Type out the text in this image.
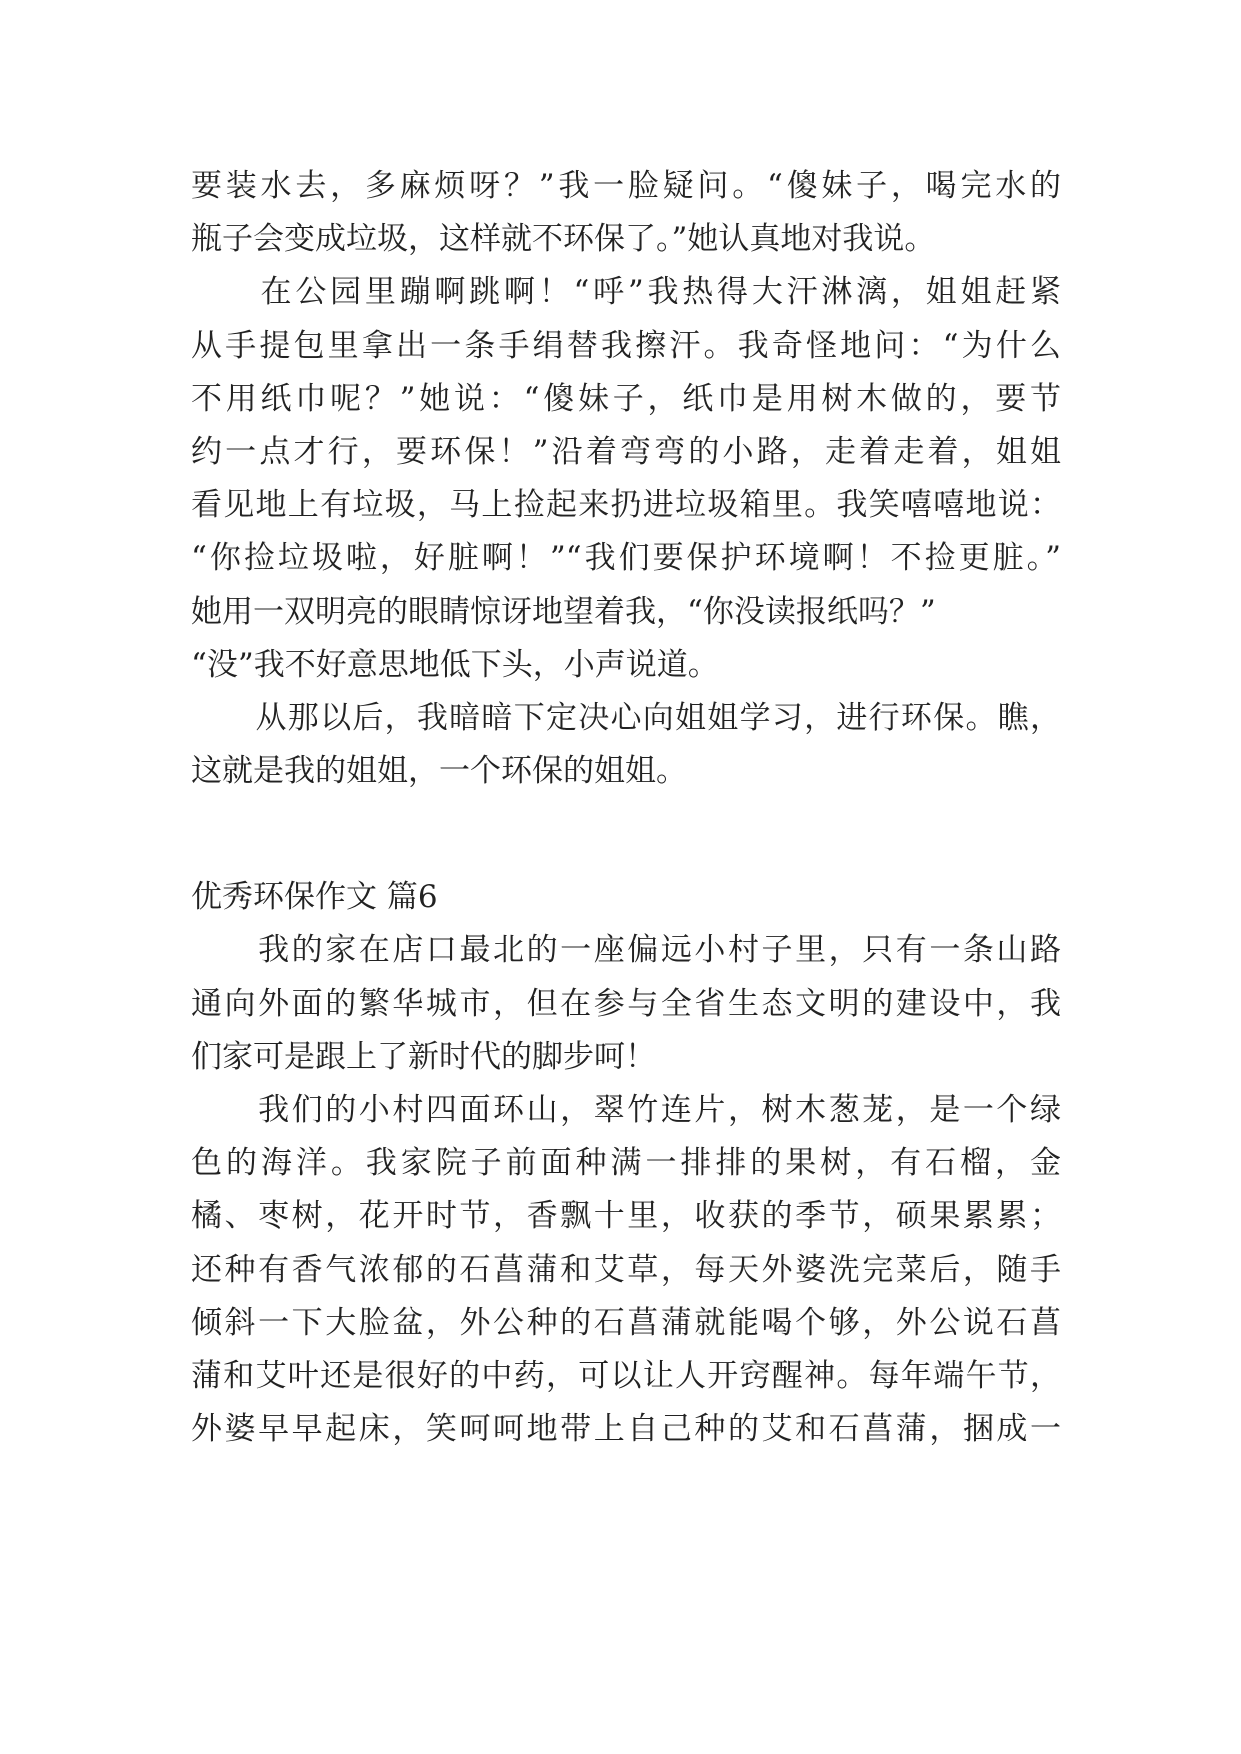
要装水去，多麻烦呀？”我一脸疑问。“傻妹子，喝完水的
瓶子会变成垃圾，这样就不环保了。”她认真地对我说。
　　在公园里蹦啊跳啊！“呼”我热得大汗淋漓，姐姐赶紧
从手提包里拿出一条手绢替我擦汗。我奇怪地问：“为什么
不用纸巾呢？”她说：“傻妹子，纸巾是用树木做的，要节
约一点才行，要环保！”沿着弯弯的小路，走着走着，姐姐
看见地上有垃圾，马上捡起来扔进垃圾箱里。我笑嘻嘻地说：
“你捡垃圾啦，好脏啊！”“我们要保护环境啊！不捡更脏。”
她用一双明亮的眼睛惊讶地望着我，“你没读报纸吗？”
“没”我不好意思地低下头，小声说道。
　　从那以后，我暗暗下定决心向姐姐学习，进行环保。瞧，
这就是我的姐姐，一个环保的姐姐。
优秀环保作文 篇6
　　我的家在店口最北的一座偏远小村子里，只有一条山路
通向外面的繁华城市，但在参与全省生态文明的建设中，我
们家可是跟上了新时代的脚步呵！
　　我们的小村四面环山，翠竹连片，树木葱茏，是一个绿
色的海洋。我家院子前面种满一排排的果树，有石榴，金
橘、枣树，花开时节，香飘十里，收获的季节，硕果累累；
还种有香气浓郁的石菖蒲和艾草，每天外婆洗完菜后，随手
倾斜一下大脸盆，外公种的石菖蒲就能喝个够，外公说石菖
蒲和艾叶还是很好的中药，可以让人开窍醒神。每年端午节，
外婆早早起床，笑呵呵地带上自己种的艾和石菖蒲，捆成一
